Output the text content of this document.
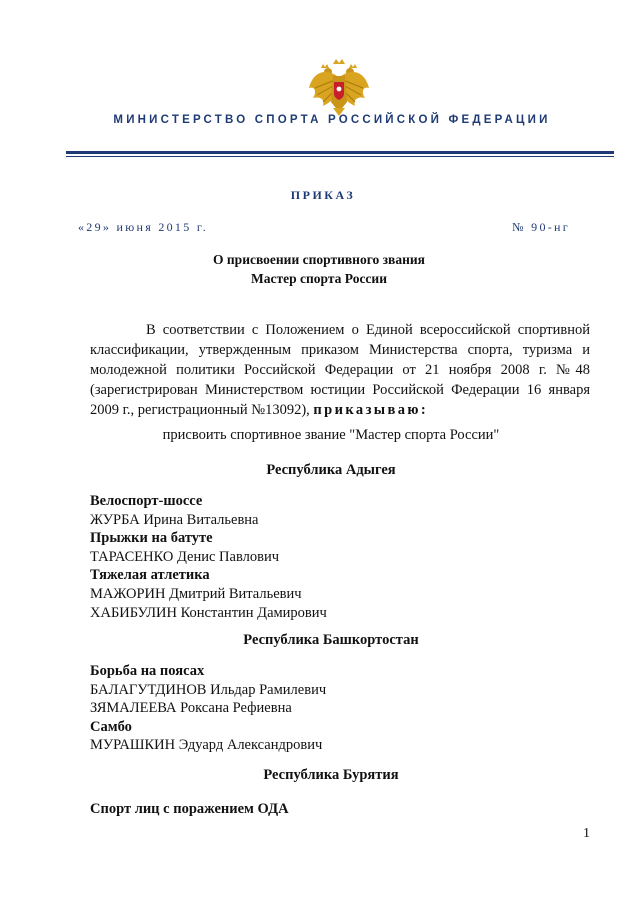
МИНИСТЕРСТВО СПОРТА РОССИЙСКОЙ ФЕДЕРАЦИИ
ПРИКАЗ
«29» июня 2015 г.	№ 90-нг
О присвоении спортивного звания
Мастер спорта России
В соответствии с Положением о Единой всероссийской спортивной классификации, утвержденным приказом Министерства спорта, туризма и молодежной политики Российской Федерации от 21 ноября 2008 г. №48 (зарегистрирован Министерством юстиции Российской Федерации 16 января 2009 г., регистрационный №13092), приказываю:
присвоить спортивное звание "Мастер спорта России"
Республика Адыгея
Велоспорт-шоссе
ЖУРБА Ирина Витальевна
Прыжки на батуте
ТАРАСЕНКО Денис Павлович
Тяжелая атлетика
МАЖОРИН Дмитрий Витальевич
ХАБИБУЛИН Константин Дамирович
Республика Башкортостан
Борьба на поясах
БАЛАГУТДИНОВ Ильдар Рамилевич
ЗЯМАЛЕЕВА Роксана Рефиевна
Самбо
МУРАШКИН Эдуард Александрович
Республика Бурятия
Спорт лиц с поражением ОДА
1
